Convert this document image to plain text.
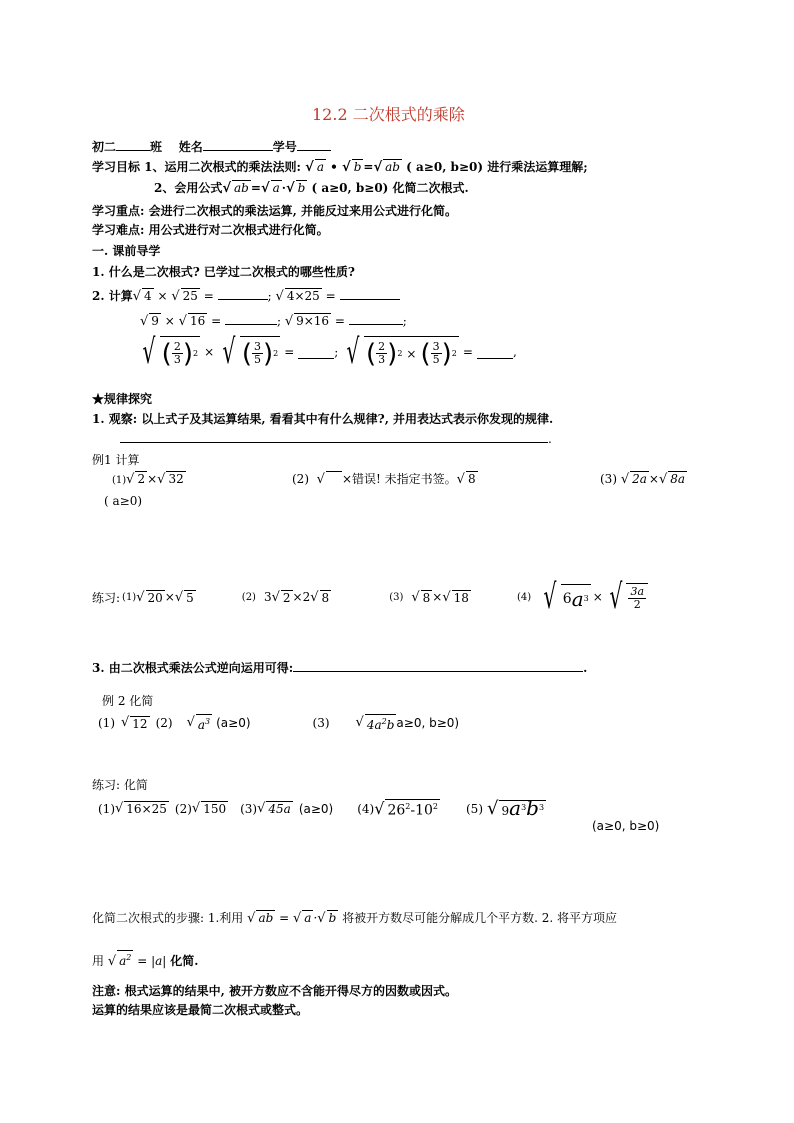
12.2 二次根式的乘除
初二	班 姓名	学号
学习目标 1、运用二次根式的乘法法则: √ a • √ b =√ ab ( a≥0, b≥0) 进行乘法运算理解;
2、会用公式√ ab =√ a ·√ b ( a≥0, b≥0) 化简二次根式.
学习重点: 会进行二次根式的乘法运算, 并能反过来用公式进行化简。
学习难点: 用公式进行对二次根式进行化简。
一. 课前导学
1. 什么是二次根式? 已学过二次根式的哪些性质?
2. 计算√ 4 × √ 25 =	; √ 4×25 =
√ 9 × √ 16 =	; √ 9×16 =	;
√ ( $\frac{2}{3}$ ) 2 × √ ( $\frac{3}{5}$ ) 2 =	; √ ( $\frac{2}{3}$ ) 2 × ( $\frac{3}{5}$ ) 2 =	,
★规律探究
1. 观察: 以上式子及其运算结果, 看看其中有什么规律?, 并用表达式表示你发现的规律.
.
例1 计算
(1)√ 2 ×√ 32	(2) √ ×错误! 未指定书签。√ 8	(3) √ 2a ×√ 8a
( a≥0)
练习: (1) √ 20 × √ 5	(2) 3 √ 2 ×2 √ 8	(3) √ 8 × √ 18	(4) √ 6 a 3 × √ $\frac{3a}{2}$
3. 由二次根式乘法公式逆向运用可得:	.
例 2 化简
(1) √ 12 (2) √ $a^3$ (a≥0)	(3) √ $4a^2b$ a≥0, b≥0)
练习: 化简
(1) √ 16×25 (2) √ 150 (3) √ 45a (a≥0) (4) √ $26^2-10^2$ (5) √ $9a^3b^3$
(a≥0, b≥0)
化简二次根式的步骤: 1.利用 √ ab = √ a ·√ b 将被开方数尽可能分解成几个平方数. 2. 将平方项应
用 √ $a^2 = |a|$ 化简.
注意: 根式运算的结果中, 被开方数应不含能开得尽方的因数或因式。
运算的结果应该是最简二次根式或整式。
